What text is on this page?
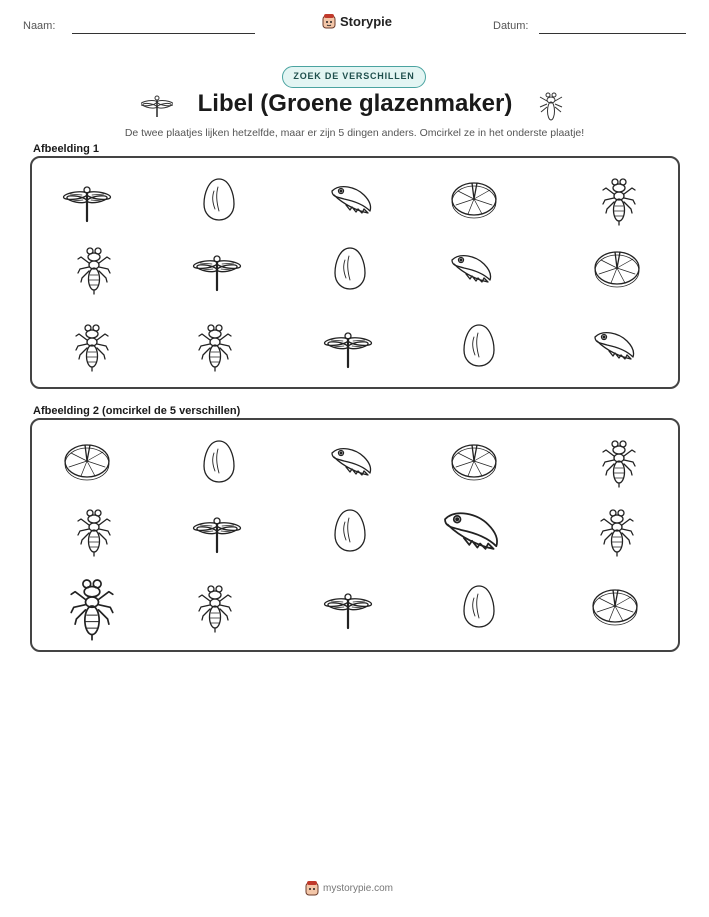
Naam:	Storypie	Datum:
ZOEK DE VERSCHILLEN
Libel (Groene glazenmaker)
De twee plaatjes lijken hetzelfde, maar er zijn 5 dingen anders. Omcirkel ze in het onderste plaatje!
Afbeelding 1
Afbeelding 2 (omcirkel de 5 verschillen)
mystorypie.com
